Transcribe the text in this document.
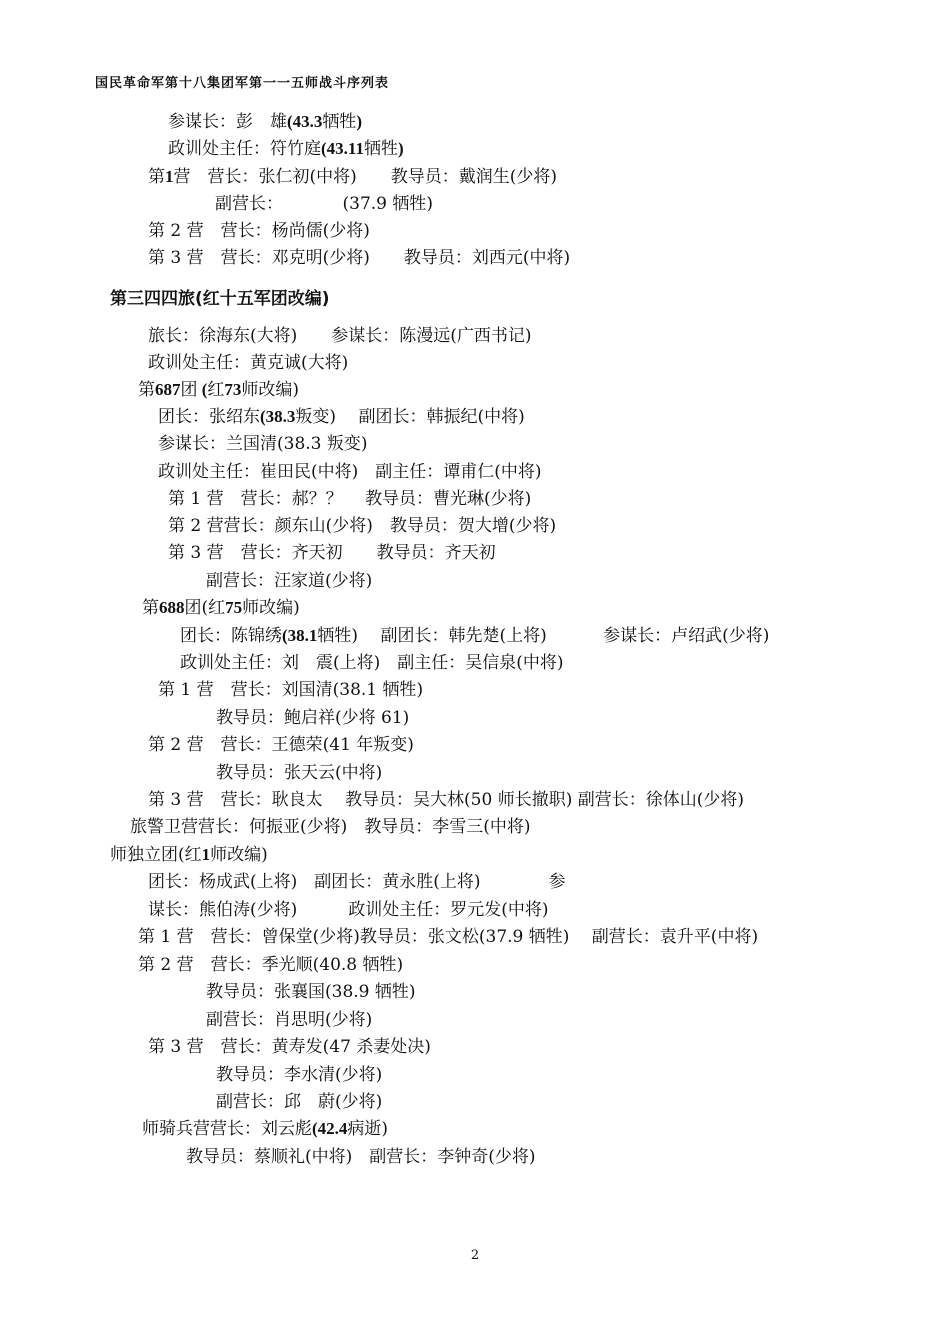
国民革命军第十八集团军第一一五师战斗序列表
第三四四旅(红十五军团改编)
参谋长：彭　雄(43.3牺牲)
政训处主任：符竹庭(43.11牺牲)
第1营　营长：张仁初(中将)　　教导员：戴润生(少将)
副营长：　　　　(37.9 牺牲)
第 2 营　营长：杨尚儒(少将)
第 3 营　营长：邓克明(少将)　　教导员：刘西元(中将)
旅长：徐海东(大将)　　参谋长：陈漫远(广西书记)
政训处主任：黄克诚(大将)
第687团 (红73师改编)
团长：张绍东(38.3叛变)　 副团长：韩振纪(中将)
参谋长：兰国清(38.3 叛变)
政训处主任：崔田民(中将)　副主任：谭甫仁(中将)
第 1 营　营长：郝？？　 教导员：曹光琳(少将)
第 2 营营长：颜东山(少将)　教导员：贺大增(少将)
第 3 营　营长：齐天初　　教导员：齐天初
副营长：汪家道(少将)
第688团(红75师改编)
团长：陈锦绣(38.1牺牲)　 副团长：韩先楚(上将)　　　 参谋长：卢绍武(少将)
政训处主任：刘　震(上将)　副主任：吴信泉(中将)
第 1 营　营长：刘国清(38.1 牺牲)
教导员：鲍启祥(少将 61)
第 2 营　营长：王德荣(41 年叛变)
教导员：张天云(中将)
第 3 营　营长：耿良太　 教导员：吴大林(50 师长撤职) 副营长：徐体山(少将)
旅警卫营营长：何振亚(少将)　教导员：李雪三(中将)
师独立团(红1师改编)
团长：杨成武(上将)　副团长：黄永胜(上将)　　　　参
谋长：熊伯涛(少将)　　　政训处主任：罗元发(中将)
第 1 营　营长：曾保堂(少将)教导员：张文松(37.9 牺牲)　 副营长：袁升平(中将)
第 2 营　营长：季光顺(40.8 牺牲)
教导员：张襄国(38.9 牺牲)
副营长：肖思明(少将)
第 3 营　营长：黄寿发(47 杀妻处决)
教导员：李水清(少将)
副营长：邱　蔚(少将)
师骑兵营营长：刘云彪(42.4病逝)
教导员：蔡顺礼(中将)　副营长：李钟奇(少将)
2
